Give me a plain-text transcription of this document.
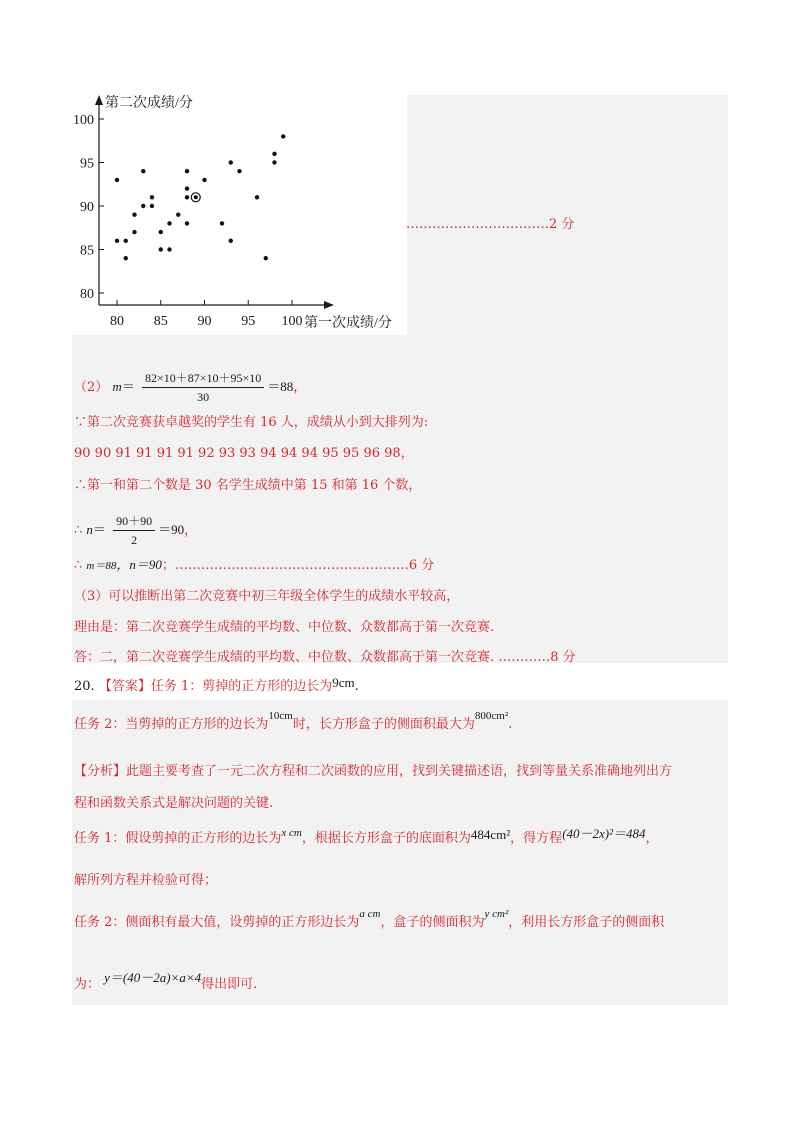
80 85 90 95 100
80
85
90
95
100
第二次成绩/分
第一次成绩/分
……………………………2 分
（2） $m= \frac{82\times 10+87\times 10+95\times 10}{30} =88$，
∵第二次竞赛获卓越奖的学生有 16 人，成绩从小到大排列为:
90 90 91 91 91 91 92 93 93 94 94 94 95 95 96 98，
∴第一和第二个数是 30 名学生成绩中第 15 和第 16 个数，
∴ $n= \frac{90+90}{2} =90$，
∴ m＝88，n＝90；………………………………………………6 分
（3）可以推断出第二次竞赛中初三年级全体学生的成绩水平较高，
理由是：第二次竞赛学生成绩的平均数、中位数、众数都高于第一次竞赛.
答：二，第二次竞赛学生成绩的平均数、中位数、众数都高于第一次竞赛. …………8 分
20. 【答案】任务 1：剪掉的正方形的边长为9cm.
任务 2：当剪掉的正方形的边长为$^{10cm}$时，长方形盒子的侧面积最大为$^{800cm^2}$.
【分析】此题主要考查了一元二次方程和二次函数的应用，找到关键描述语，找到等量关系准确地列出方
程和函数关系式是解决问题的关键.
任务 1：假设剪掉的正方形的边长为$^{x cm}$，根据长方形盒子的底面积为484cm²，得方程(40－2x)²＝484，
解所列方程并检验可得；
任务 2：侧面积有最大值，设剪掉的正方形边长为$^{a cm}$，盒子的侧面积为$^{y cm^2}$，利用长方形盒子的侧面积
为： y＝(40－2a)×a×4得出即可.
